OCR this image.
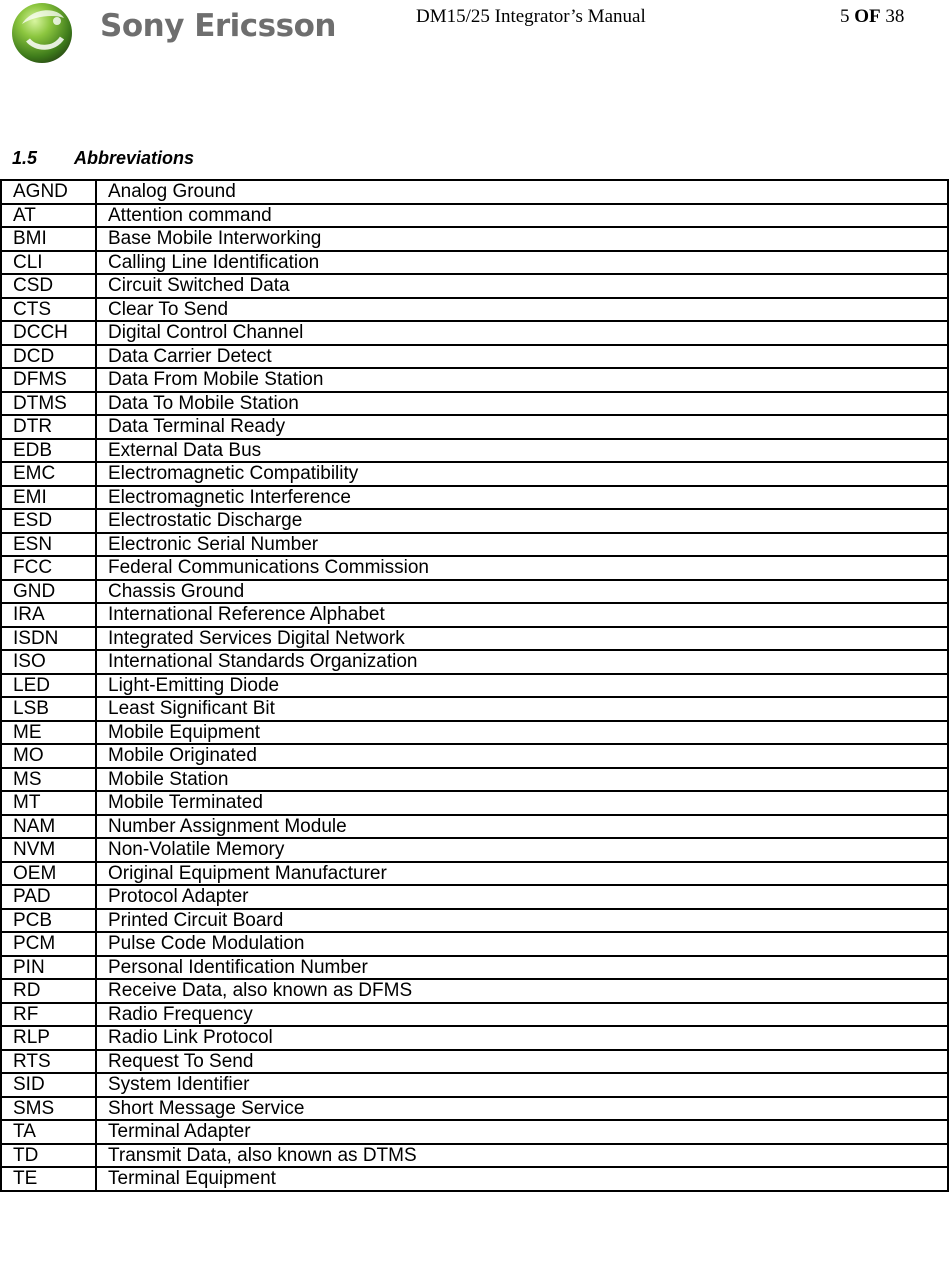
Sony Ericsson	DM15/25 Integrator’s Manual	5 OF 38
1.5 Abbreviations
AGND	Analog Ground
AT	Attention command
BMI	Base Mobile Interworking
CLI	Calling Line Identification
CSD	Circuit Switched Data
CTS	Clear To Send
DCCH	Digital Control Channel
DCD	Data Carrier Detect
DFMS	Data From Mobile Station
DTMS	Data To Mobile Station
DTR	Data Terminal Ready
EDB	External Data Bus
EMC	Electromagnetic Compatibility
EMI	Electromagnetic Interference
ESD	Electrostatic Discharge
ESN	Electronic Serial Number
FCC	Federal Communications Commission
GND	Chassis Ground
IRA	International Reference Alphabet
ISDN	Integrated Services Digital Network
ISO	International Standards Organization
LED	Light-Emitting Diode
LSB	Least Significant Bit
ME	Mobile Equipment
MO	Mobile Originated
MS	Mobile Station
MT	Mobile Terminated
NAM	Number Assignment Module
NVM	Non-Volatile Memory
OEM	Original Equipment Manufacturer
PAD	Protocol Adapter
PCB	Printed Circuit Board
PCM	Pulse Code Modulation
PIN	Personal Identification Number
RD	Receive Data, also known as DFMS
RF	Radio Frequency
RLP	Radio Link Protocol
RTS	Request To Send
SID	System Identifier
SMS	Short Message Service
TA	Terminal Adapter
TD	Transmit Data, also known as DTMS
TE	Terminal Equipment
